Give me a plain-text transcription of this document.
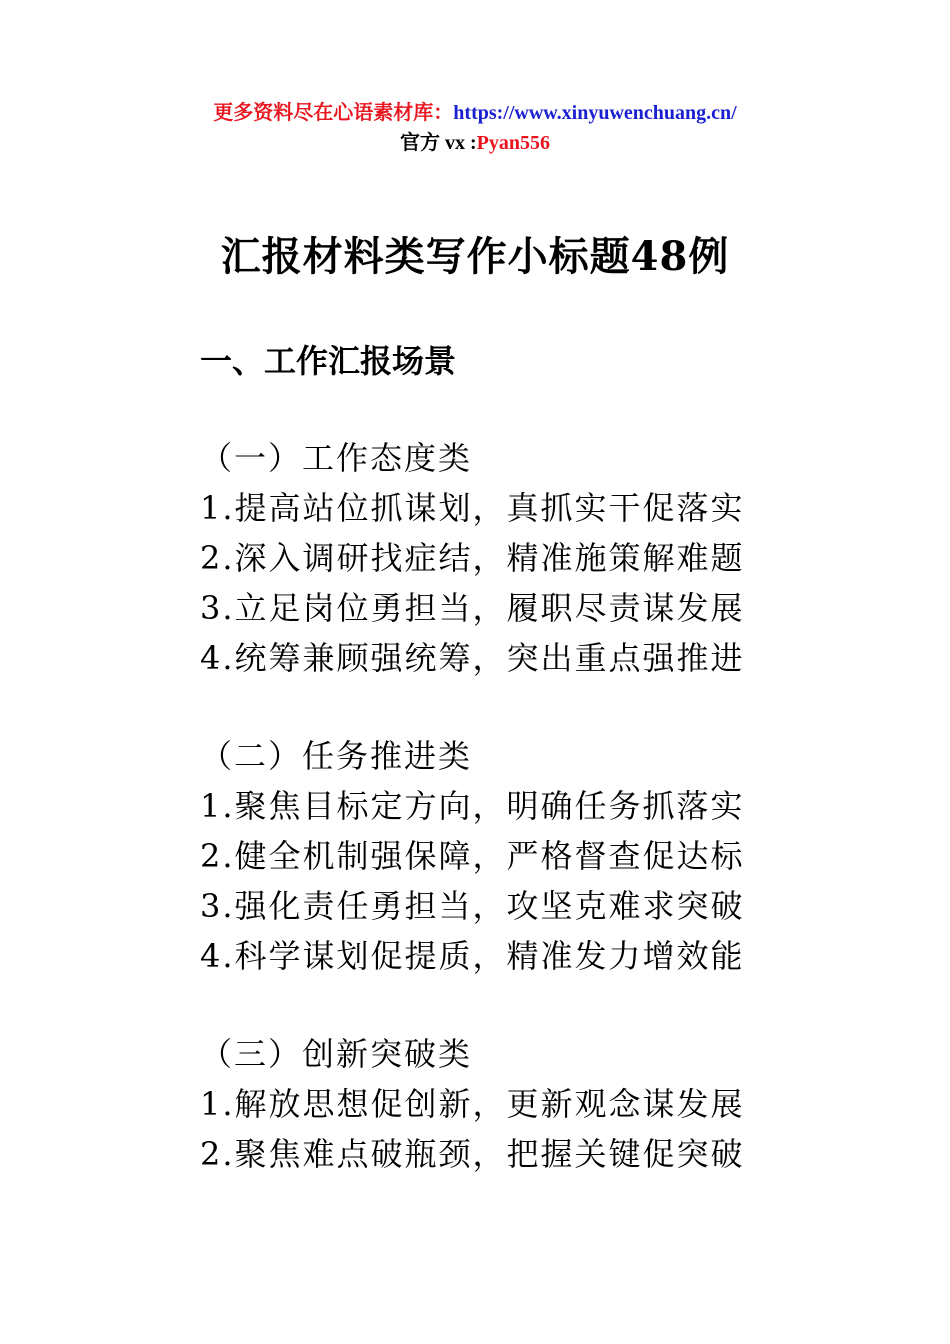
更多资料尽在心语素材库：https://www.xinyuwenchuang.cn/
官方 vx :Pyan556
汇报材料类写作小标题48例
一、工作汇报场景
（一）工作态度类
1.提高站位抓谋划，真抓实干促落实
2.深入调研找症结，精准施策解难题
3.立足岗位勇担当，履职尽责谋发展
4.统筹兼顾强统筹，突出重点强推进
（二）任务推进类
1.聚焦目标定方向，明确任务抓落实
2.健全机制强保障，严格督查促达标
3.强化责任勇担当，攻坚克难求突破
4.科学谋划促提质，精准发力增效能
（三）创新突破类
1.解放思想促创新，更新观念谋发展
2.聚焦难点破瓶颈，把握关键促突破
